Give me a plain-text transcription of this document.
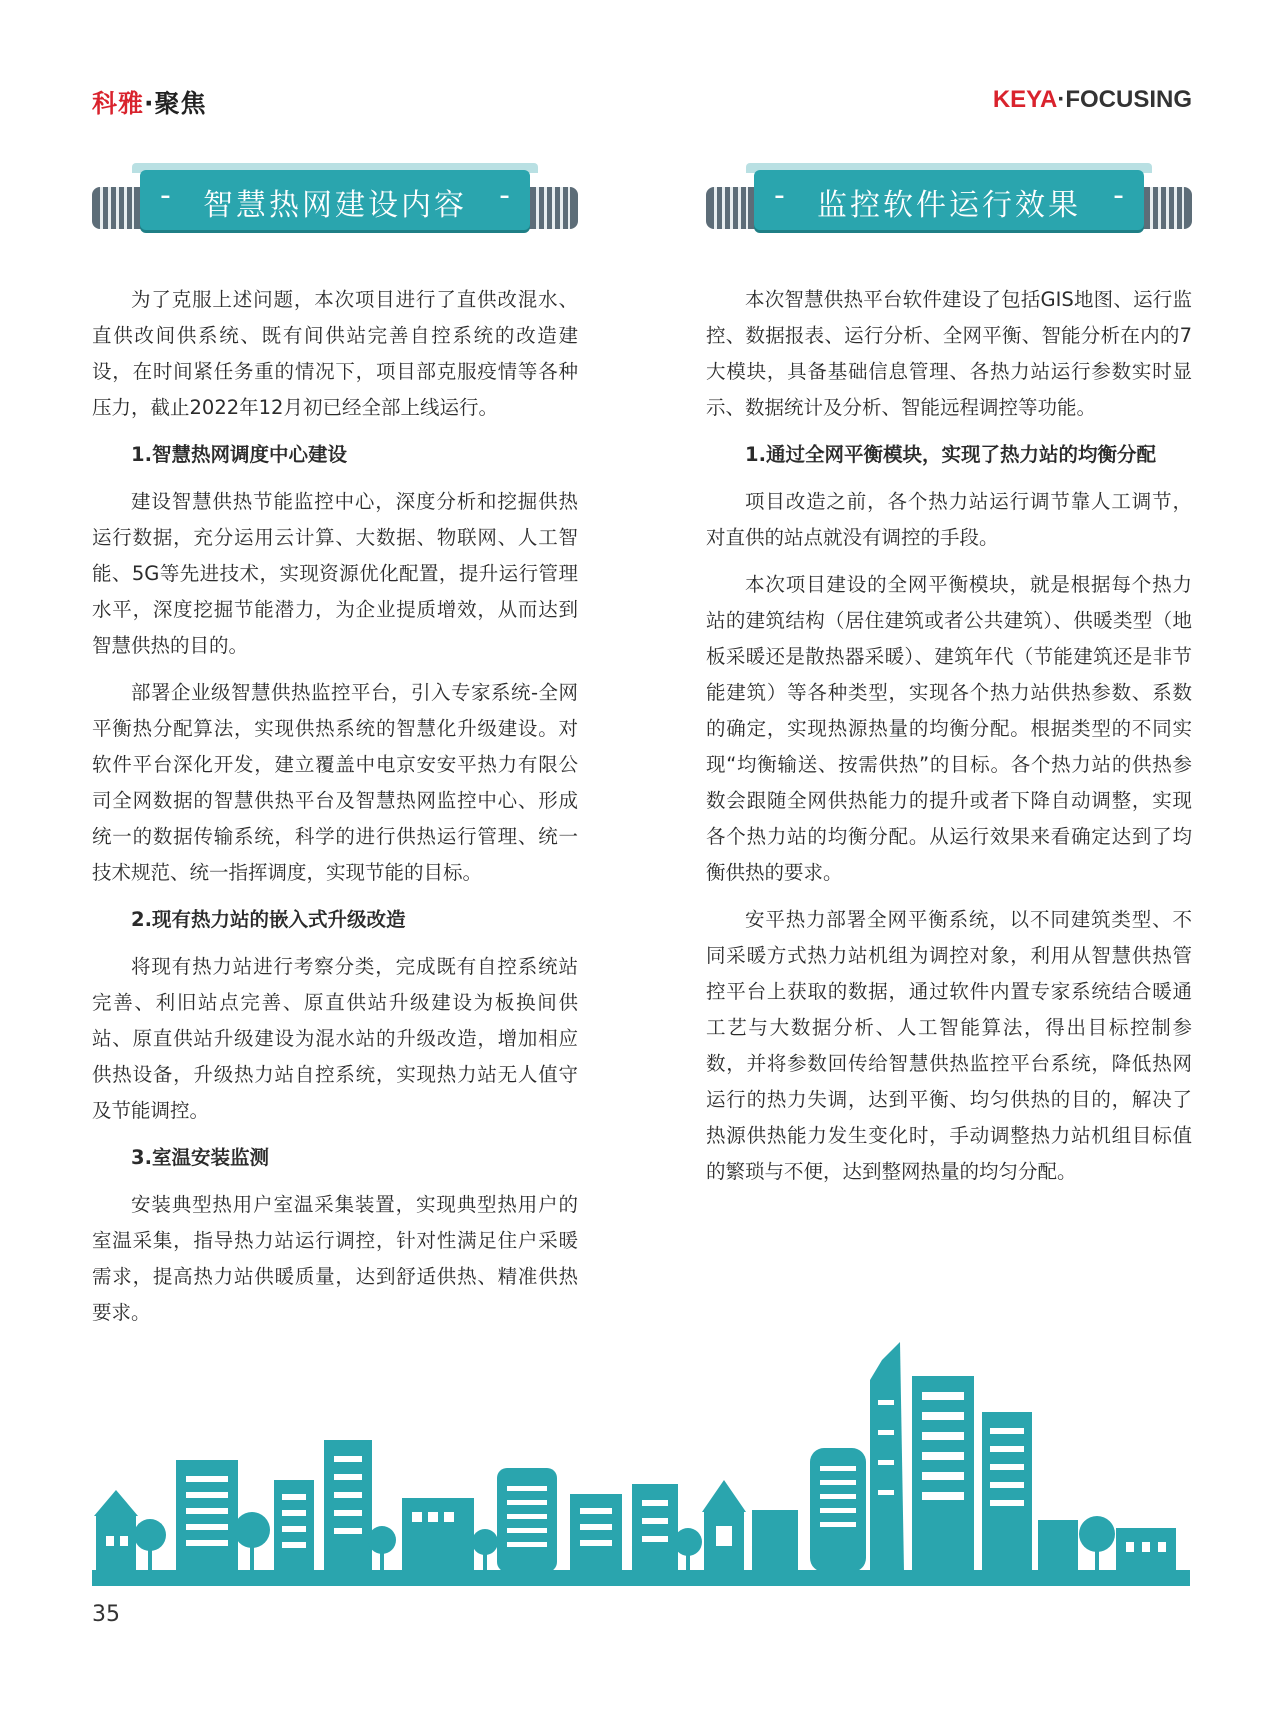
科雅·聚焦	KEYA·FOCUSING
-	智慧热网建设内容	-	-	监控软件运行效果	-

为了克服上述问题，本次项目进行了直供改混水、直供改间供系统、既有间供站完善自控系统的改造建设，在时间紧任务重的情况下，项目部克服疫情等各种压力，截止2022年12月初已经全部上线运行。

1.智慧热网调度中心建设

建设智慧供热节能监控中心，深度分析和挖掘供热运行数据，充分运用云计算、大数据、物联网、人工智能、5G等先进技术，实现资源优化配置，提升运行管理水平，深度挖掘节能潜力，为企业提质增效，从而达到智慧供热的目的。

部署企业级智慧供热监控平台，引入专家系统-全网平衡热分配算法，实现供热系统的智慧化升级建设。对软件平台深化开发，建立覆盖中电京安安平热力有限公司全网数据的智慧供热平台及智慧热网监控中心、形成统一的数据传输系统，科学的进行供热运行管理、统一技术规范、统一指挥调度，实现节能的目标。

2.现有热力站的嵌入式升级改造

将现有热力站进行考察分类，完成既有自控系统站完善、利旧站点完善、原直供站升级建设为板换间供站、原直供站升级建设为混水站的升级改造，增加相应供热设备，升级热力站自控系统，实现热力站无人值守及节能调控。

3.室温安装监测

安装典型热用户室温采集装置，实现典型热用户的室温采集，指导热力站运行调控，针对性满足住户采暖需求，提高热力站供暖质量，达到舒适供热、精准供热要求。

本次智慧供热平台软件建设了包括GIS地图、运行监控、数据报表、运行分析、全网平衡、智能分析在内的7大模块，具备基础信息管理、各热力站运行参数实时显示、数据统计及分析、智能远程调控等功能。

1.通过全网平衡模块，实现了热力站的均衡分配

项目改造之前，各个热力站运行调节靠人工调节，对直供的站点就没有调控的手段。

本次项目建设的全网平衡模块，就是根据每个热力站的建筑结构（居住建筑或者公共建筑）、供暖类型（地板采暖还是散热器采暖）、建筑年代（节能建筑还是非节能建筑）等各种类型，实现各个热力站供热参数、系数的确定，实现热源热量的均衡分配。根据类型的不同实现“均衡输送、按需供热”的目标。各个热力站的供热参数会跟随全网供热能力的提升或者下降自动调整，实现各个热力站的均衡分配。从运行效果来看确定达到了均衡供热的要求。

安平热力部署全网平衡系统，以不同建筑类型、不同采暖方式热力站机组为调控对象，利用从智慧供热管控平台上获取的数据，通过软件内置专家系统结合暖通工艺与大数据分析、人工智能算法，得出目标控制参数，并将参数回传给智慧供热监控平台系统，降低热网运行的热力失调，达到平衡、均匀供热的目的，解决了热源供热能力发生变化时，手动调整热力站机组目标值的繁琐与不便，达到整网热量的均匀分配。

35
